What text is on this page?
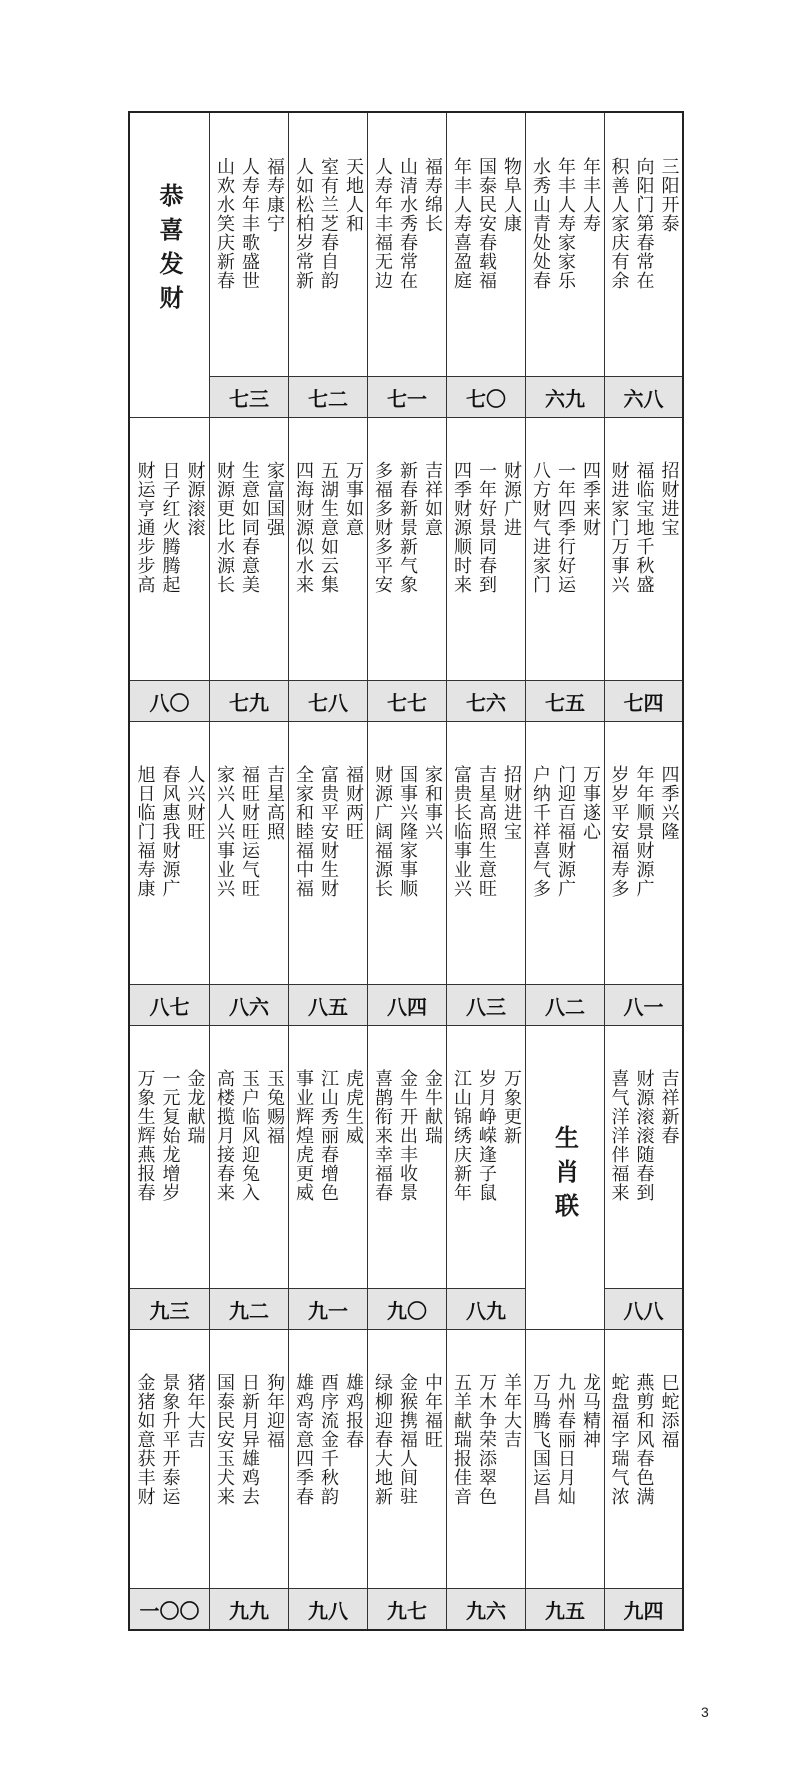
恭喜发财	福寿康宁
人寿年丰歌盛世
山欢水笑庆新春
七三
天地人和
室有兰芝春自韵
人如松柏岁常新
七二
福寿绵长
山清水秀春常在
人寿年丰福无边
七一
物阜人康
国泰民安春载福
年丰人寿喜盈庭
七〇
年丰人寿
年丰人寿家家乐
水秀山青处处春
六九
三阳开泰
向阳门第春常在
积善人家庆有余
六八
财源滚滚
日子红火腾腾起
财运亨通步步高
八〇
家富国强
生意如同春意美
财源更比水源长
七九
万事如意
五湖生意如云集
四海财源似水来
七八
吉祥如意
新春新景新气象
多福多财多平安
七七
财源广进
一年好景同春到
四季财源顺时来
七六
四季来财
一年四季行好运
八方财气进家门
七五
招财进宝
福临宝地千秋盛
财进家门万事兴
七四
人兴财旺
春风惠我财源广
旭日临门福寿康
八七
吉星高照
福旺财旺运气旺
家兴人兴事业兴
八六
福财两旺
富贵平安财生财
全家和睦福中福
八五
家和事兴
国事兴隆家事顺
财源广阔福源长
八四
招财进宝
吉星高照生意旺
富贵长临事业兴
八三
万事遂心
门迎百福财源广
户纳千祥喜气多
八二
四季兴隆
年年顺景财源广
岁岁平安福寿多
八一
金龙献瑞
一元复始龙增岁
万象生辉燕报春
九三
玉兔赐福
玉户临风迎兔入
高楼揽月接春来
九二
虎虎生威
江山秀丽春增色
事业辉煌虎更威
九一
金牛献瑞
金牛开出丰收景
喜鹊衔来幸福春
九〇
万象更新
岁月峥嵘逢子鼠
江山锦绣庆新年
八九
生肖联
吉祥新春
财源滚滚随春到
喜气洋洋伴福来
八八
猪年大吉
景象升平开泰运
金猪如意获丰财
一〇〇
狗年迎福
日新月异雄鸡去
国泰民安玉犬来
九九
雄鸡报春
酉序流金千秋韵
雄鸡寄意四季春
九八
中年福旺
金猴携福人间驻
绿柳迎春大地新
九七
羊年大吉
万木争荣添翠色
五羊献瑞报佳音
九六
龙马精神
九州春丽日月灿
万马腾飞国运昌
九五
巳蛇添福
燕剪和风春色满
蛇盘福字瑞气浓
九四
3
